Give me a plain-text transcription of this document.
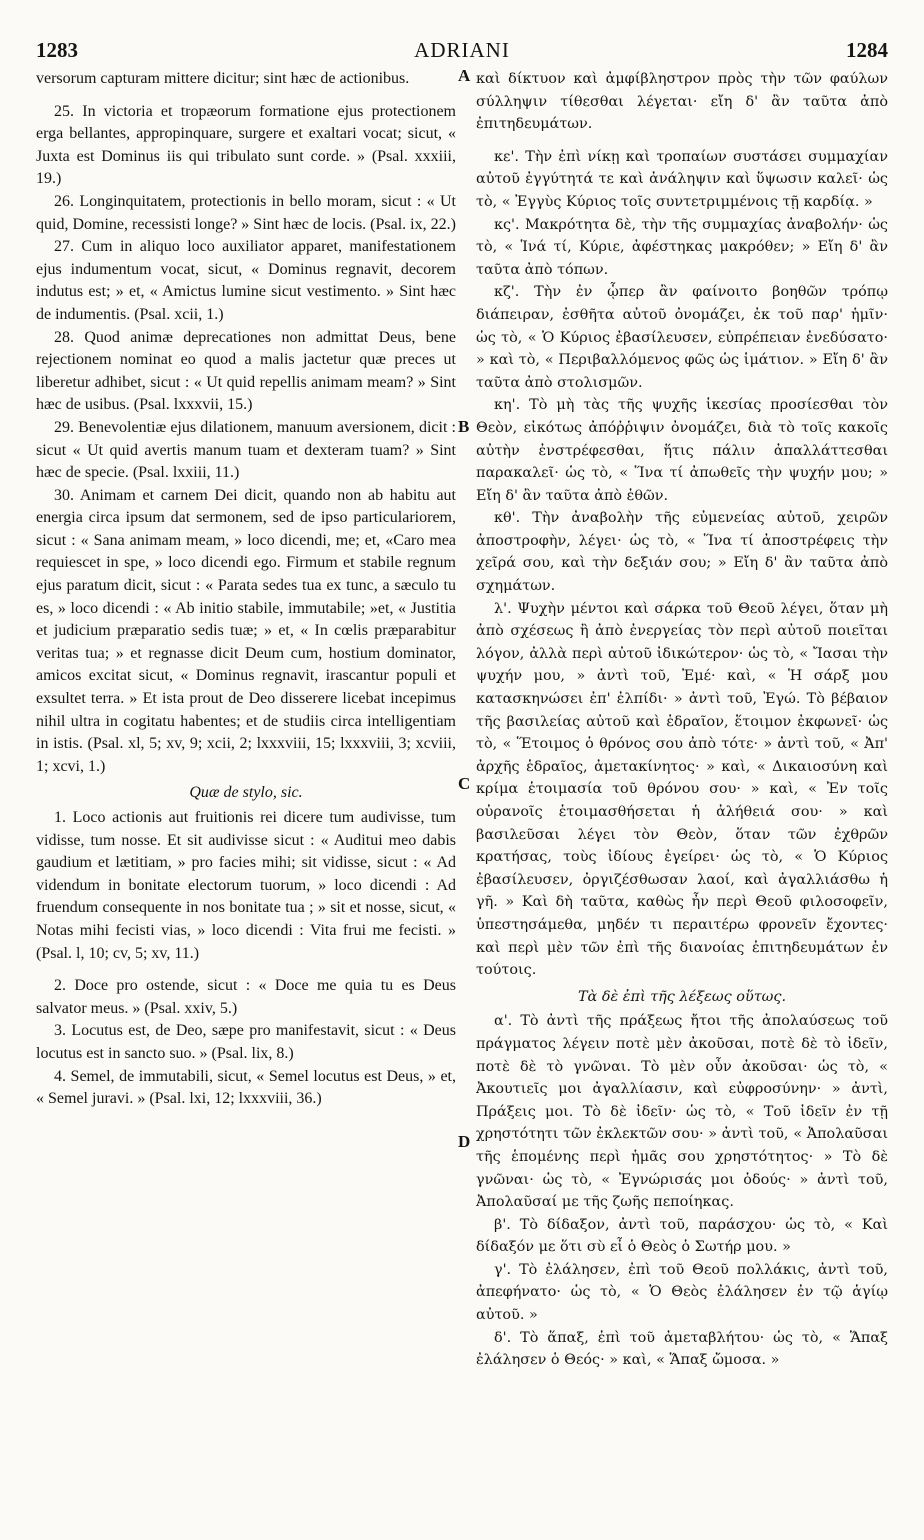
1283	ADRIANI	1284
A
B
C
D

versorum capturam mittere dicitur; sint hæc de actionibus.

25. In victoria et tropæorum formatione ejus protectionem erga bellantes, appropinquare, surgere et exaltari vocat; sicut, « Juxta est Dominus iis qui tribulato sunt corde. » (Psal. xxxiii, 19.)

26. Longinquitatem, protectionis in bello moram, sicut : « Ut quid, Domine, recessisti longe? » Sint hæc de locis. (Psal. ix, 22.)

27. Cum in aliquo loco auxiliator apparet, manifestationem ejus indumentum vocat, sicut, « Dominus regnavit, decorem indutus est; » et, « Amictus lumine sicut vestimento. » Sint hæc de indumentis. (Psal. xcii, 1.)

28. Quod animæ deprecationes non admittat Deus, bene rejectionem nominat eo quod a malis jactetur quæ preces ut liberetur adhibet, sicut : « Ut quid repellis animam meam? » Sint hæc de usibus. (Psal. lxxxvii, 15.)

29. Benevolentiæ ejus dilationem, manuum aversionem, dicit : sicut « Ut quid avertis manum tuam et dexteram tuam? » Sint hæc de specie. (Psal. lxxiii, 11.)

30. Animam et carnem Dei dicit, quando non ab habitu aut energia circa ipsum dat sermonem, sed de ipso particulariorem, sicut : « Sana animam meam, » loco dicendi, me; et, «Caro mea requiescet in spe, » loco dicendi ego. Firmum et stabile regnum ejus paratum dicit, sicut : « Parata sedes tua ex tunc, a sæculo tu es, » loco dicendi : « Ab initio stabile, immutabile; »et, « Justitia et judicium præparatio sedis tuæ; » et, « In cœlis præparabitur veritas tua; » et regnasse dicit Deum cum, hostium dominator, amicos excitat sicut, « Dominus regnavit, irascantur populi et exsultet terra. » Et ista prout de Deo disserere licebat incepimus nihil ultra in cogitatu habentes; et de studiis circa intelligentiam in istis. (Psal. xl, 5; xv, 9; xcii, 2; lxxxviii, 15; lxxxviii, 3; xcviii, 1; xcvi, 1.)

Quæ de stylo, sic.

1. Loco actionis aut fruitionis rei dicere tum audivisse, tum vidisse, tum nosse. Et sit audivisse sicut : « Auditui meo dabis gaudium et lætitiam, » pro facies mihi; sit vidisse, sicut : « Ad videndum in bonitate electorum tuorum, » loco dicendi : Ad fruendum consequente in nos bonitate tua ; » sit et nosse, sicut, « Notas mihi fecisti vias, » loco dicendi : Vita frui me fecisti. » (Psal. l, 10; cv, 5; xv, 11.)

2. Doce pro ostende, sicut : « Doce me quia tu es Deus salvator meus. » (Psal. xxiv, 5.)

3. Locutus est, de Deo, sæpe pro manifestavit, sicut : « Deus locutus est in sancto suo. » (Psal. lix, 8.)

4. Semel, de immutabili, sicut, « Semel locutus est Deus, » et, « Semel juravi. » (Psal. lxi, 12; lxxxviii, 36.)

καὶ δίκτυον καὶ ἀμφίβληστρον πρὸς τὴν τῶν φαύλων σύλληψιν τίθεσθαι λέγεται· εἴη δ' ἂν ταῦτα ἀπὸ ἐπιτηδευμάτων.

κε'. Τὴν ἐπὶ νίκῃ καὶ τροπαίων συστάσει συμμαχίαν αὐτοῦ ἐγγύτητά τε καὶ ἀνάληψιν καὶ ὕψωσιν καλεῖ· ὡς τὸ, « Ἐγγὺς Κύριος τοῖς συντετριμμένοις τῇ καρδίᾳ. »

κς'. Μακρότητα δὲ, τὴν τῆς συμμαχίας ἀναβολήν· ὡς τὸ, « Ἱνά τί, Κύριε, ἀφέστηκας μακρόθεν; » Εἴη δ' ἂν ταῦτα ἀπὸ τόπων.

κζ'. Τὴν ἐν ᾧπερ ἂν φαίνοιτο βοηθῶν τρόπῳ διάπειραν, ἐσθῆτα αὐτοῦ ὀνομάζει, ἐκ τοῦ παρ' ἡμῖν· ὡς τὸ, « Ὁ Κύριος ἐβασίλευσεν, εὐπρέπειαν ἐνεδύσατο· » καὶ τὸ, « Περιβαλλόμενος φῶς ὡς ἱμάτιον. » Εἴη δ' ἂν ταῦτα ἀπὸ στολισμῶν.

κη'. Τὸ μὴ τὰς τῆς ψυχῆς ἱκεσίας προσίεσθαι τὸν Θεὸν, εἰκότως ἀπόῤῥιψιν ὀνομάζει, διὰ τὸ τοῖς κακοῖς αὐτὴν ἐνστρέφεσθαι, ἥτις πάλιν ἀπαλλάττεσθαι παρακαλεῖ· ὡς τὸ, « Ἵνα τί ἀπωθεῖς τὴν ψυχήν μου; » Εἴη δ' ἂν ταῦτα ἀπὸ ἐθῶν.

κθ'. Τὴν ἀναβολὴν τῆς εὐμενείας αὐτοῦ, χειρῶν ἀποστροφὴν, λέγει· ὡς τὸ, « Ἵνα τί ἀποστρέφεις τὴν χεῖρά σου, καὶ τὴν δεξιάν σου; » Εἴη δ' ἂν ταῦτα ἀπὸ σχημάτων.

λ'. Ψυχὴν μέντοι καὶ σάρκα τοῦ Θεοῦ λέγει, ὅταν μὴ ἀπὸ σχέσεως ἢ ἀπὸ ἐνεργείας τὸν περὶ αὐτοῦ ποιεῖται λόγον, ἀλλὰ περὶ αὐτοῦ ἰδικώτερον· ὡς τὸ, « Ἴασαι τὴν ψυχήν μου, » ἀντὶ τοῦ, Ἐμέ· καὶ, « Ἡ σάρξ μου κατασκηνώσει ἐπ' ἐλπίδι· » ἀντὶ τοῦ, Ἐγώ. Τὸ βέβαιον τῆς βασιλείας αὐτοῦ καὶ ἑδραῖον, ἕτοιμον ἐκφωνεῖ· ὡς τὸ, « Ἕτοιμος ὁ θρόνος σου ἀπὸ τότε· » ἀντὶ τοῦ, « Ἀπ' ἀρχῆς ἑδραῖος, ἀμετακίνητος· » καὶ, « Δικαιοσύνη καὶ κρίμα ἑτοιμασία τοῦ θρόνου σου· » καὶ, « Ἐν τοῖς οὐρανοῖς ἑτοιμασθήσεται ἡ ἀλήθειά σου· » καὶ βασιλεῦσαι λέγει τὸν Θεὸν, ὅταν τῶν ἐχθρῶν κρατήσας, τοὺς ἰδίους ἐγείρει· ὡς τὸ, « Ὁ Κύριος ἐβασίλευσεν, ὀργιζέσθωσαν λαοί, καὶ ἀγαλλιάσθω ἡ γῆ. » Καὶ δὴ ταῦτα, καθὼς ἦν περὶ Θεοῦ φιλοσοφεῖν, ὑπεστησάμεθα, μηδέν τι περαιτέρω φρονεῖν ἔχοντες· καὶ περὶ μὲν τῶν ἐπὶ τῆς διανοίας ἐπιτηδευμάτων ἐν τούτοις.

Τὰ δὲ ἐπὶ τῆς λέξεως οὕτως.

α'. Τὸ ἀντὶ τῆς πράξεως ἤτοι τῆς ἀπολαύσεως τοῦ πράγματος λέγειν ποτὲ μὲν ἀκοῦσαι, ποτὲ δὲ τὸ ἰδεῖν, ποτὲ δὲ τὸ γνῶναι. Τὸ μὲν οὖν ἀκοῦσαι· ὡς τὸ, « Ἀκουτιεῖς μοι ἀγαλλίασιν, καὶ εὐφροσύνην· » ἀντὶ, Πράξεις μοι. Τὸ δὲ ἰδεῖν· ὡς τὸ, « Τοῦ ἰδεῖν ἐν τῇ χρηστότητι τῶν ἐκλεκτῶν σου· » ἀντὶ τοῦ, « Ἀπολαῦσαι τῆς ἑπομένης περὶ ἡμᾶς σου χρηστότητος· » Τὸ δὲ γνῶναι· ὡς τὸ, « Ἐγνώρισάς μοι ὁδούς· » ἀντὶ τοῦ, Ἀπολαῦσαί με τῆς ζωῆς πεποίηκας.

β'. Τὸ δίδαξον, ἀντὶ τοῦ, παράσχου· ὡς τὸ, « Καὶ δίδαξόν με ὅτι σὺ εἶ ὁ Θεὸς ὁ Σωτήρ μου. »

γ'. Τὸ ἐλάλησεν, ἐπὶ τοῦ Θεοῦ πολλάκις, ἀντὶ τοῦ, ἀπεφήνατο· ὡς τὸ, « Ὁ Θεὸς ἐλάλησεν ἐν τῷ ἁγίῳ αὐτοῦ. »

δ'. Τὸ ἅπαξ, ἐπὶ τοῦ ἀμεταβλήτου· ὡς τὸ, « Ἅπαξ ἐλάλησεν ὁ Θεός· » καὶ, « Ἅπαξ ὤμοσα. »
